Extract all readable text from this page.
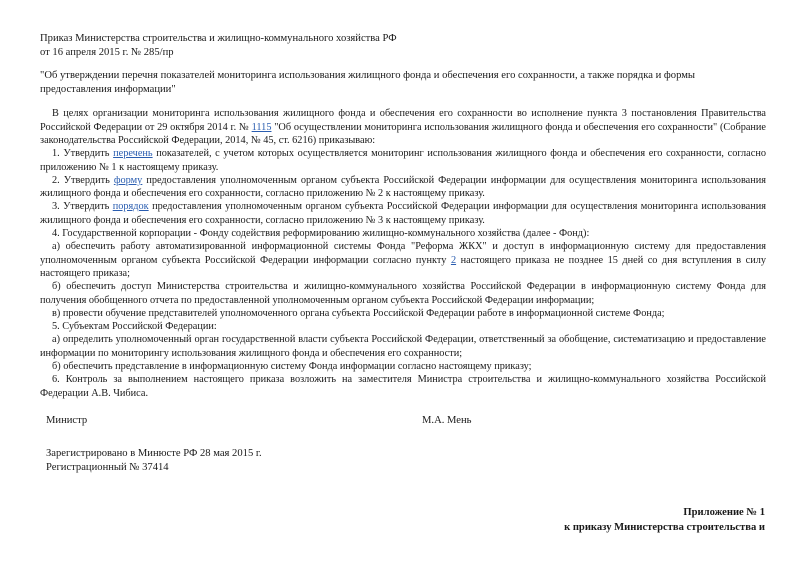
Приказ Министерства строительства и жилищно-коммунального хозяйства РФ
от 16 апреля 2015 г. № 285/пр
"Об утверждении перечня показателей мониторинга использования жилищного фонда и обеспечения его сохранности, а также порядка и формы предоставления информации"

В целях организации мониторинга использования жилищного фонда и обеспечения его сохранности во исполнение пункта 3 постановления Правительства Российской Федерации от 29 октября 2014 г. № 1115 "Об осуществлении мониторинга использования жилищного фонда и обеспечения его сохранности" (Собрание законодательства Российской Федерации, 2014, № 45, ст. 6216) приказываю:

1. Утвердить перечень показателей, с учетом которых осуществляется мониторинг использования жилищного фонда и обеспечения его сохранности, согласно приложению № 1 к настоящему приказу.

2. Утвердить форму предоставления уполномоченным органом субъекта Российской Федерации информации для осуществления мониторинга использования жилищного фонда и обеспечения его сохранности, согласно приложению № 2 к настоящему приказу.

3. Утвердить порядок предоставления уполномоченным органом субъекта Российской Федерации информации для осуществления мониторинга использования жилищного фонда и обеспечения его сохранности, согласно приложению № 3 к настоящему приказу.

4. Государственной корпорации - Фонду содействия реформированию жилищно-коммунального хозяйства (далее - Фонд):

а) обеспечить работу автоматизированной информационной системы Фонда "Реформа ЖКХ" и доступ в информационную систему для предоставления уполномоченным органом субъекта Российской Федерации информации согласно пункту 2 настоящего приказа не позднее 15 дней со дня вступления в силу настоящего приказа;

б) обеспечить доступ Министерства строительства и жилищно-коммунального хозяйства Российской Федерации в информационную систему Фонда для получения обобщенного отчета по предоставленной уполномоченным органом субъекта Российской Федерации информации;

в) провести обучение представителей уполномоченного органа субъекта Российской Федерации работе в информационной системе Фонда;

5. Субъектам Российской Федерации:

а) определить уполномоченный орган государственной власти субъекта Российской Федерации, ответственный за обобщение, систематизацию и предоставление информации по мониторингу использования жилищного фонда и обеспечения его сохранности;

б) обеспечить представление в информационную систему Фонда информации согласно настоящему приказу;

6. Контроль за выполнением настоящего приказа возложить на заместителя Министра строительства и жилищно-коммунального хозяйства Российской Федерации А.В. Чибиса.

Министр	М.А. Мень
Зарегистрировано в Минюсте РФ 28 мая 2015 г.
Регистрационный № 37414
Приложение № 1
к приказу Министерства строительства и
